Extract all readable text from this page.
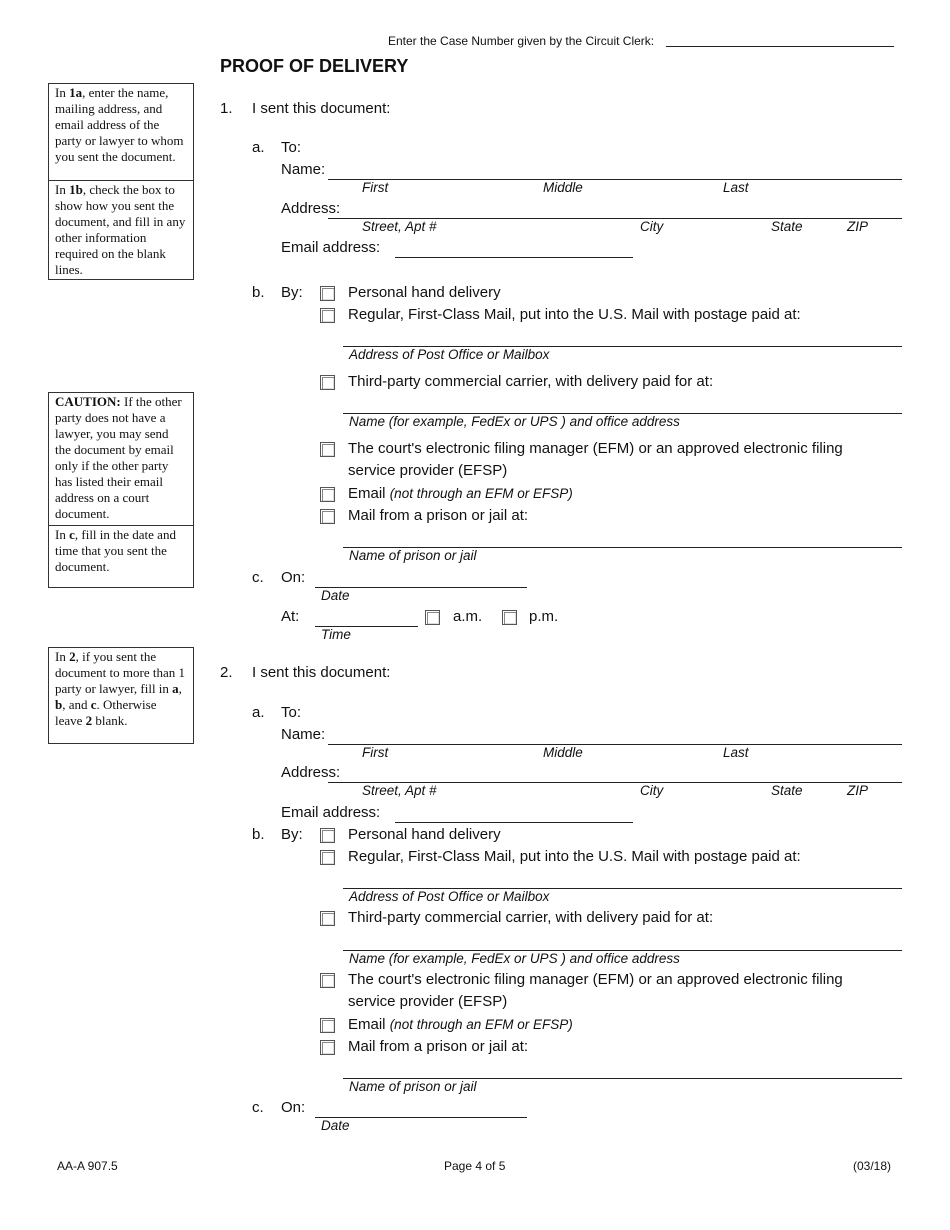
Enter the Case Number given by the Circuit Clerk:
PROOF OF DELIVERY
In 1a, enter the name, mailing address, and email address of the party or lawyer to whom you sent the document.
In 1b, check the box to show how you sent the document, and fill in any other information required on the blank lines.
CAUTION: If the other party does not have a lawyer, you may send the document by email only if the other party has listed their email address on a court document.
In c, fill in the date and time that you sent the document.
In 2, if you sent the document to more than 1 party or lawyer, fill in a, b, and c. Otherwise leave 2 blank.
AA-A 907.5	Page 4 of 5	(03/18)
1. I sent this document:
a. To:
Name:
First	Middle	Last
Address:
Street, Apt #	City	State	ZIP
Email address:
b. By:	Personal hand delivery
Regular, First-Class Mail, put into the U.S. Mail with postage paid at:
Address of Post Office or Mailbox
Third-party commercial carrier, with delivery paid for at:
Name (for example, FedEx or UPS ) and office address
The court's electronic filing manager (EFM) or an approved electronic filing
service provider (EFSP)
Email (not through an EFM or EFSP)
Mail from a prison or jail at:
Name of prison or jail
c. On:
Date
At:
Time
a.m.	p.m.
2. I sent this document:
a. To:
Name:
First	Middle	Last
Address:
Street, Apt #	City	State	ZIP
Email address:
b. By:	Personal hand delivery
Regular, First-Class Mail, put into the U.S. Mail with postage paid at:
Address of Post Office or Mailbox
Third-party commercial carrier, with delivery paid for at:
Name (for example, FedEx or UPS ) and office address
The court's electronic filing manager (EFM) or an approved electronic filing
service provider (EFSP)
Email (not through an EFM or EFSP)
Mail from a prison or jail at:
Name of prison or jail
c. On:
Date
